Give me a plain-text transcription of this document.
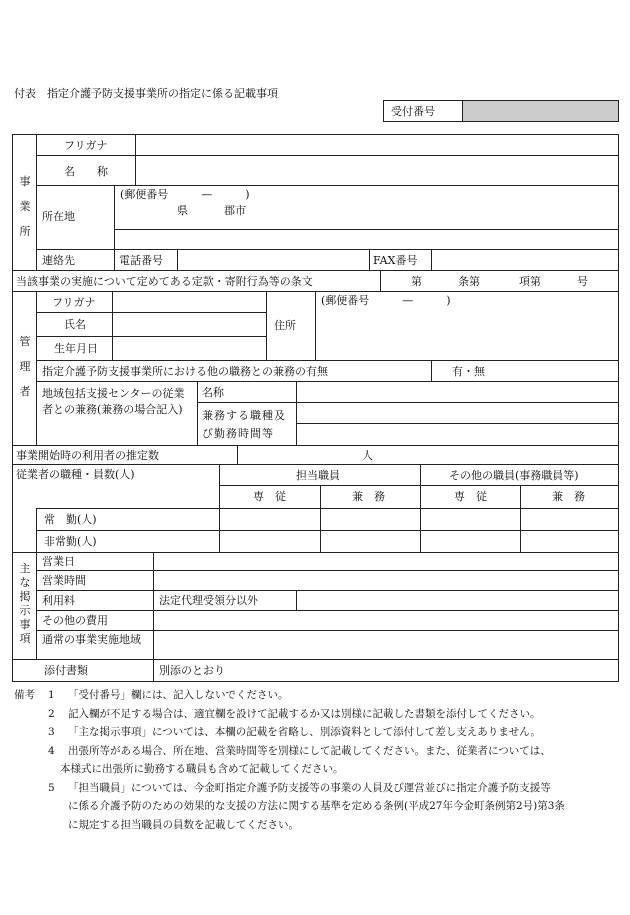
付表　指定介護予防支援事業所の指定に係る記載事項
受付番号
事
業
所
フリガナ
名　　称
所在地
(郵便番号　　　—　　　)
県	郡市
連絡先	電話番号	FAX番号
当該事業の実施について定めてある定款・寄附行為等の条文	第	条第	項第	号
管
理
者
フリガナ
氏名
生年月日
住所
(郵便番号　　　—　　　)
指定介護予防支援事業所における他の職務との兼務の有無	有・無
地域包括支援センターの従業者との兼務(兼務の場合記入)
名称
兼務する職種及び勤務時間等
事業開始時の利用者の推定数	人
従業者の職種・員数(人)	担当職員	その他の職員(事務職員等)
専　従	兼　務	専　従	兼　務
常　勤(人)
非常勤(人)
主
な
掲
示
事
項
営業日
営業時間
利用料	法定代理受領分以外
その他の費用
通常の事業実施地域
添付書類	別添のとおり
備考	1	「受付番号」欄には、記入しないでください。
2	記入欄が不足する場合は、適宜欄を設けて記載するか又は別様に記載した書類を添付してください。
3	「主な掲示事項」については、本欄の記載を省略し、別添資料として添付して差し支えありません。
4	出張所等がある場合、所在地、営業時間等を別様にして記載してください。また、従業者については、
本様式に出張所に勤務する職員も含めて記載してください。
5	「担当職員」については、今金町指定介護予防支援等の事業の人員及び運営並びに指定介護予防支援等
に係る介護予防のための効果的な支援の方法に関する基準を定める条例(平成27年今金町条例第2号)第3条
に規定する担当職員の員数を記載してください。
